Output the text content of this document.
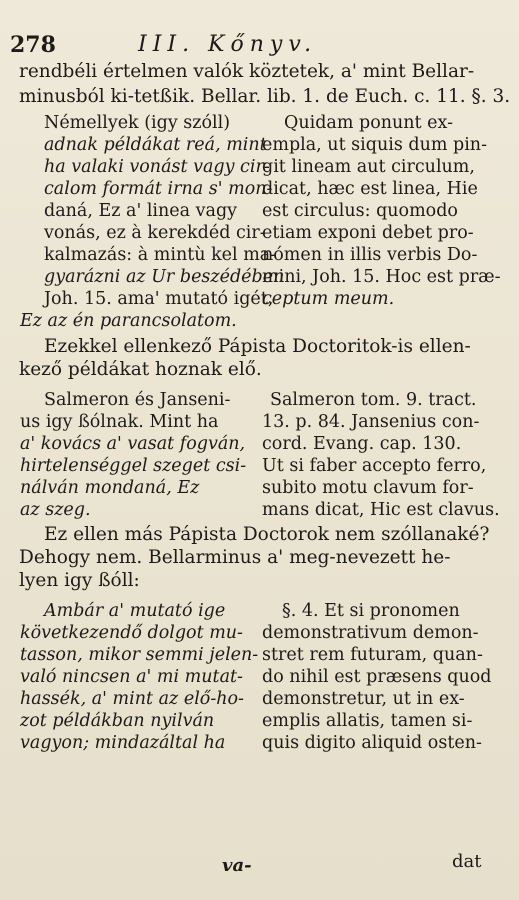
278	III. Kőnyv.
rendbéli értelmen valók köztetek, a' mint Bellar-
minusból ki-tetßik. Bellar. lib. 1. de Euch. c. 11. §. 3.
Némellyek (igy szóll)
adnak példákat reá, mint
ha valaki vonást vagy cir-
calom formát irna s' mon-
daná, Ez a' linea vagy
vonás, ez à kerekdéd cir-
kalmazás: à mintù kel ma-
gyarázni az Ur beszédében
Joh. 15. ama' mutató igét,
Ez az én parancsolatom.
Quidam ponunt ex-
empla, ut siquis dum pin-
git lineam aut circulum,
dicat, hæc est linea, Hie
est circulus: quomodo
etiam exponi debet pro-
nómen in illis verbis Do-
mini, Joh. 15. Hoc est præ-
ceptum meum.
Ezekkel ellenkező Pápista Doctoritok-is ellen-
kező példákat hoznak elő.
Salmeron és Janseni-
us igy ßólnak. Mint ha
a' kovács a' vasat fogván,
hirtelenséggel szeget csi-
nálván mondaná, Ez
az szeg.
Salmeron tom. 9. tract.
13. p. 84. Jansenius con-
cord. Evang. cap. 130.
Ut si faber accepto ferro,
subito motu clavum for-
mans dicat, Hic est clavus.
Ez ellen más Pápista Doctorok nem szóllanaké?
Dehogy nem. Bellarminus a' meg-nevezett he-
lyen igy ßóll:
Ambár a' mutató ige
következendő dolgot mu-
tasson, mikor semmi jelen-
való nincsen a' mi mutat-
hassék, a' mint az elő-ho-
zot példákban nyilván
vagyon; mindazáltal ha
§. 4. Et si pronomen
demonstrativum demon-
stret rem futuram, quan-
do nihil est præsens quod
demonstretur, ut in ex-
emplis allatis, tamen si-
quis digito aliquid osten-
va-	dat
